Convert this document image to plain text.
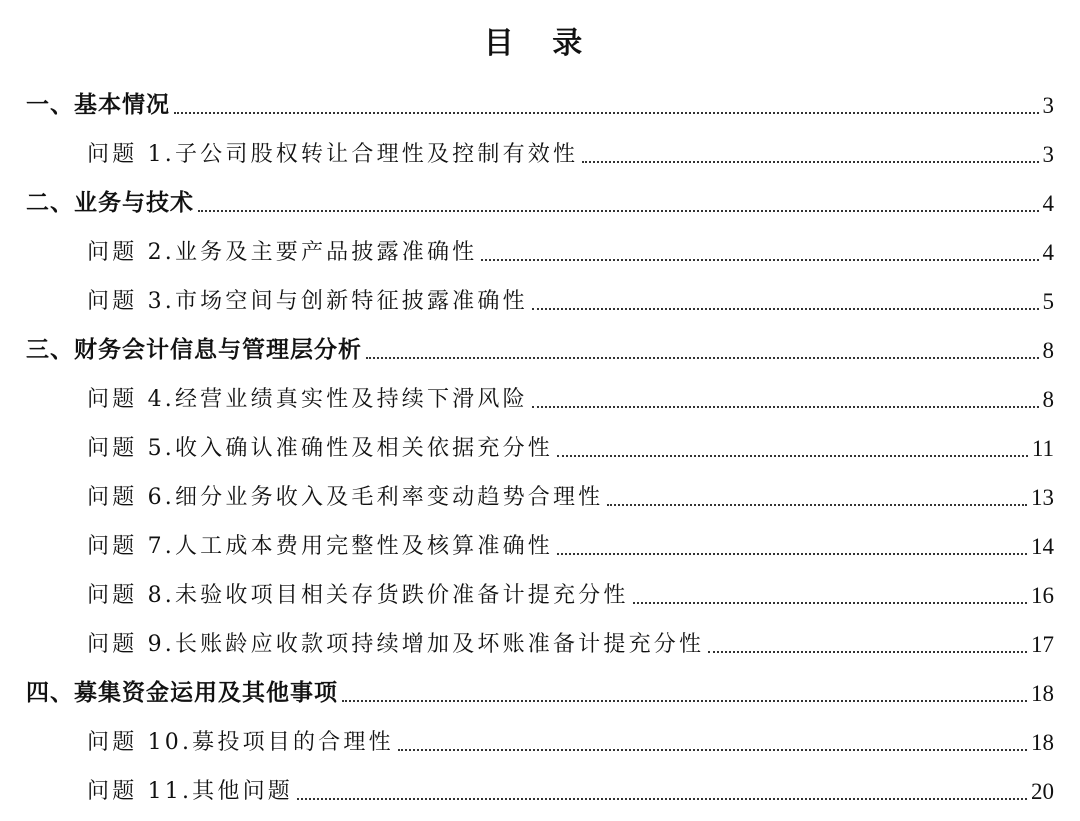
目 录
一、基本情况	3
问题 1.子公司股权转让合理性及控制有效性	3
二、业务与技术	4
问题 2.业务及主要产品披露准确性	4
问题 3.市场空间与创新特征披露准确性	5
三、财务会计信息与管理层分析	8
问题 4.经营业绩真实性及持续下滑风险	8
问题 5.收入确认准确性及相关依据充分性	11
问题 6.细分业务收入及毛利率变动趋势合理性	13
问题 7.人工成本费用完整性及核算准确性	14
问题 8.未验收项目相关存货跌价准备计提充分性	16
问题 9.长账龄应收款项持续增加及坏账准备计提充分性	17
四、募集资金运用及其他事项	18
问题 10.募投项目的合理性	18
问题 11.其他问题	20
